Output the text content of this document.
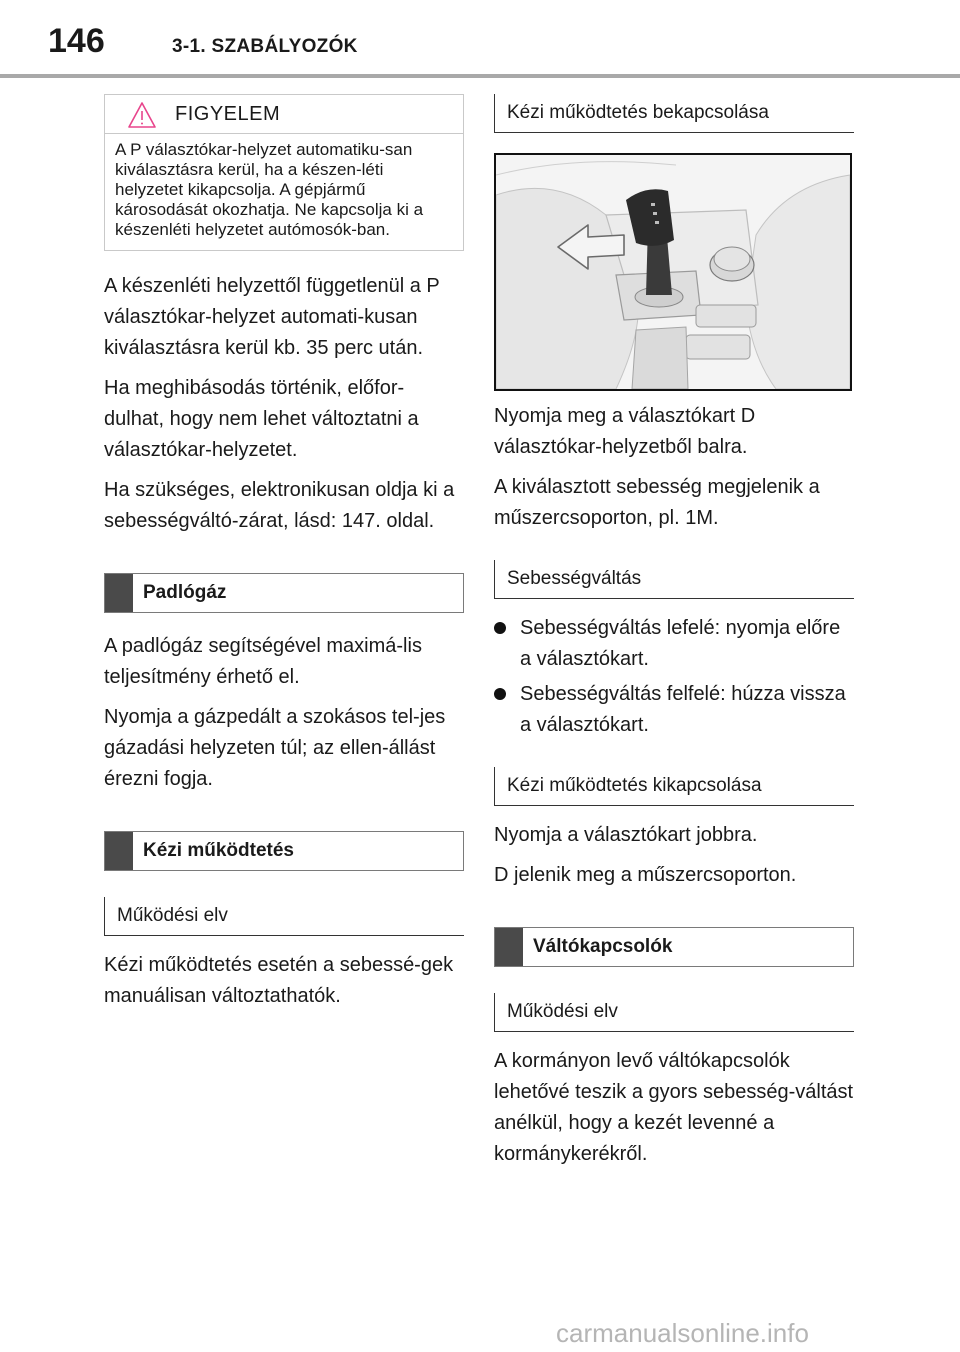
146	3-1. SZABÁLYOZÓK
FIGYELEM
A P választókar-helyzet automatiku-san kiválasztásra kerül, ha a készen-léti helyzetet kikapcsolja. A gépjármű károsodását okozhatja. Ne kapcsolja ki a készenléti helyzetet autómosók-ban.

A készenléti helyzettől függetlenül a P választókar-helyzet automati-kusan kiválasztásra kerül kb. 35 perc után.

Ha meghibásodás történik, előfor-dulhat, hogy nem lehet változtatni a választókar-helyzetet.

Ha szükséges, elektronikusan oldja ki a sebességváltó-zárat, lásd: 147. oldal.

Padlógáz

A padlógáz segítségével maximá-lis teljesítmény érhető el.

Nyomja a gázpedált a szokásos tel-jes gázadási helyzeten túl; az ellen-állást érezni fogja.

Kézi működtetés
Működési elv

Kézi működtetés esetén a sebessé-gek manuálisan változtathatók.

Kézi működtetés bekapcsolása

Nyomja meg a választókart D választókar-helyzetből balra.

A kiválasztott sebesség megjelenik a műszercsoporton, pl. 1M.

Sebességváltás
Sebességváltás lefelé: nyomja előre a választókart.
Sebességváltás felfelé: húzza vissza a választókart.
Kézi működtetés kikapcsolása

Nyomja a választókart jobbra.

D jelenik meg a műszercsoporton.

Váltókapcsolók
Működési elv

A kormányon levő váltókapcsolók lehetővé teszik a gyors sebesség-váltást anélkül, hogy a kezét levenné a kormánykerékről.

carmanualsonline.info
